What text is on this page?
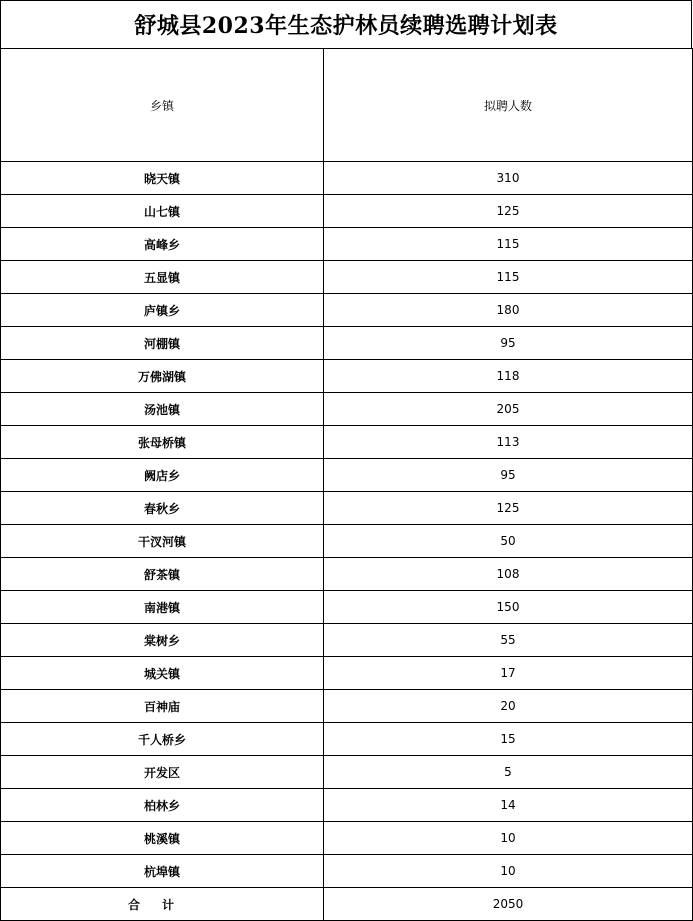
舒城县2023年生态护林员续聘选聘计划表
乡镇	拟聘人数
晓天镇	310
山七镇	125
高峰乡	115
五显镇	115
庐镇乡	180
河棚镇	95
万佛湖镇	118
汤池镇	205
张母桥镇	113
阙店乡	95
春秋乡	125
干汊河镇	50
舒茶镇	108
南港镇	150
棠树乡	55
城关镇	17
百神庙	20
千人桥乡	15
开发区	5
柏林乡	14
桃溪镇	10
杭埠镇	10
合计	2050
